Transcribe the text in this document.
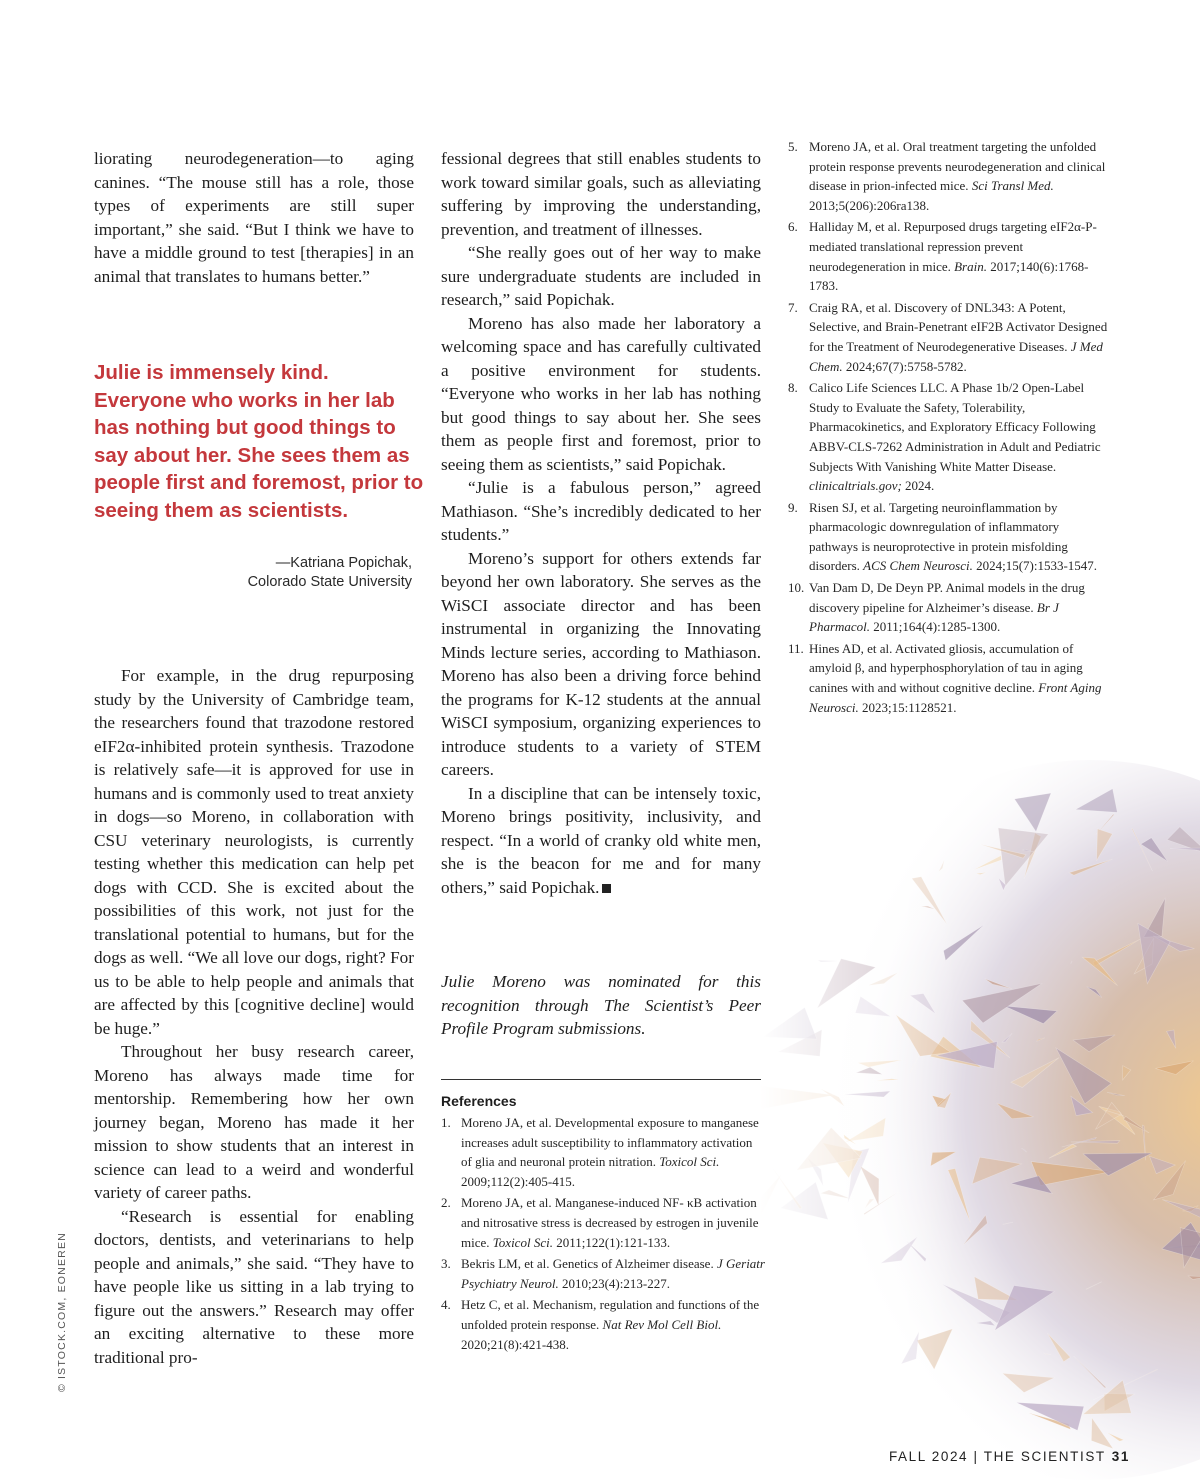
liorating neurodegeneration—to aging canines. “The mouse still has a role, those types of experiments are still super important,” she said. “But I think we have to have a middle ground to test [therapies] in an animal that translates to humans better.”

Julie is immensely kind. Everyone who works in her lab has nothing but good things to say about her. She sees them as people first and foremost, prior to seeing them as scientists.
—Katriana Popichak,
Colorado State University

For example, in the drug repurposing study by the University of Cambridge team, the researchers found that trazodone restored eIF2α-inhibited protein synthesis. Trazodone is relatively safe—it is approved for use in humans and is commonly used to treat anxiety in dogs—so Moreno, in collaboration with CSU veterinary neurologists, is currently testing whether this medication can help pet dogs with CCD. She is excited about the possibilities of this work, not just for the translational potential to humans, but for the dogs as well. “We all love our dogs, right? For us to be able to help people and animals that are affected by this [cognitive decline] would be huge.”

Throughout her busy research career, Moreno has always made time for mentorship. Remembering how her own journey began, Moreno has made it her mission to show students that an interest in science can lead to a weird and wonderful variety of career paths.

“Research is essential for enabling doctors, dentists, and veterinarians to help people and animals,” she said. “They have to have people like us sitting in a lab trying to figure out the answers.” Research may offer an exciting alternative to these more traditional pro-

fessional degrees that still enables students to work toward similar goals, such as alleviating suffering by improving the understanding, prevention, and treatment of illnesses.

“She really goes out of her way to make sure undergraduate students are included in research,” said Popichak.

Moreno has also made her laboratory a welcoming space and has carefully cultivated a positive environment for students. “Everyone who works in her lab has nothing but good things to say about her. She sees them as people first and foremost, prior to seeing them as scientists,” said Popichak.

“Julie is a fabulous person,” agreed Mathiason. “She’s incredibly dedicated to her students.”

Moreno’s support for others extends far beyond her own laboratory. She serves as the WiSCI associate director and has been instrumental in organizing the Innovating Minds lecture series, according to Mathiason. Moreno has also been a driving force behind the programs for K-12 students at the annual WiSCI symposium, organizing experiences to introduce students to a variety of STEM careers.

In a discipline that can be intensely toxic, Moreno brings positivity, inclusivity, and respect. “In a world of cranky old white men, she is the beacon for me and for many others,” said Popichak.

Julie Moreno was nominated for this recognition through The Scientist’s Peer Profile Program submissions.
References
1. Moreno JA, et al. Developmental exposure to manganese increases adult susceptibility to inflammatory activation of glia and neuronal protein nitration. Toxicol Sci. 2009;112(2):405-415.
2. Moreno JA, et al. Manganese-induced NF- κB activation and nitrosative stress is decreased by estrogen in juvenile mice. Toxicol Sci. 2011;122(1):121-133.
3. Bekris LM, et al. Genetics of Alzheimer disease. J Geriatr Psychiatry Neurol. 2010;23(4):213-227.
4. Hetz C, et al. Mechanism, regulation and functions of the unfolded protein response. Nat Rev Mol Cell Biol. 2020;21(8):421-438.
5. Moreno JA, et al. Oral treatment targeting the unfolded protein response prevents neurodegeneration and clinical disease in prion-infected mice. Sci Transl Med. 2013;5(206):206ra138.
6. Halliday M, et al. Repurposed drugs targeting eIF2α-P-mediated translational repression prevent neurodegeneration in mice. Brain. 2017;140(6):1768-1783.
7. Craig RA, et al. Discovery of DNL343: A Potent, Selective, and Brain-Penetrant eIF2B Activator Designed for the Treatment of Neurodegenerative Diseases. J Med Chem. 2024;67(7):5758-5782.
8. Calico Life Sciences LLC. A Phase 1b/2 Open-Label Study to Evaluate the Safety, Tolerability, Pharmacokinetics, and Exploratory Efficacy Following ABBV-CLS-7262 Administration in Adult and Pediatric Subjects With Vanishing White Matter Disease. clinicaltrials.gov; 2024.
9. Risen SJ, et al. Targeting neuroinflammation by pharmacologic downregulation of inflammatory pathways is neuroprotective in protein misfolding disorders. ACS Chem Neurosci. 2024;15(7):1533-1547.
10. Van Dam D, De Deyn PP. Animal models in the drug discovery pipeline for Alzheimer’s disease. Br J Pharmacol. 2011;164(4):1285-1300.
11. Hines AD, et al. Activated gliosis, accumulation of amyloid β, and hyperphosphorylation of tau in aging canines with and without cognitive decline. Front Aging Neurosci. 2023;15:1128521.
© ISTOCK.COM, EONEREN
FALL 2024 | THE SCIENTIST 31
